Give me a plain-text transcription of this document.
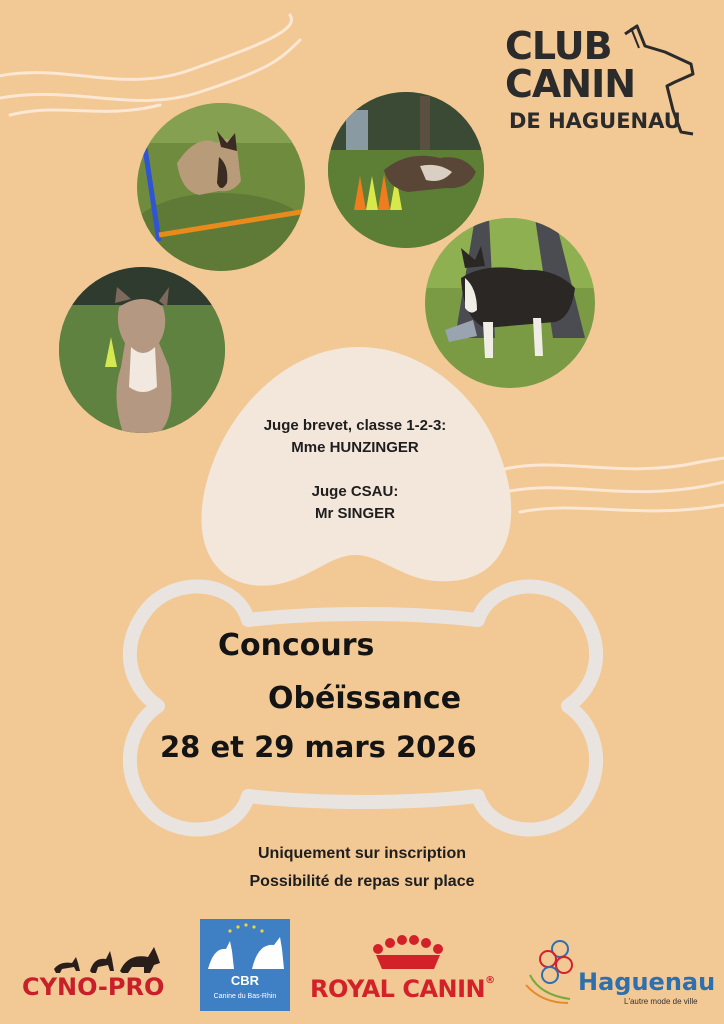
CLUB
CANIN
DE HAGUENAU
Juge brevet, classe 1-2-3:
Mme HUNZINGER
Juge CSAU:
Mr SINGER
Concours
Obéïssance
28 et 29 mars 2026
Uniquement sur inscription
Possibilité de repas sur place
CYNO-PRO	CBR
Canine du Bas-Rhin	ROYAL CANIN®	Haguenau
L'autre mode de ville
